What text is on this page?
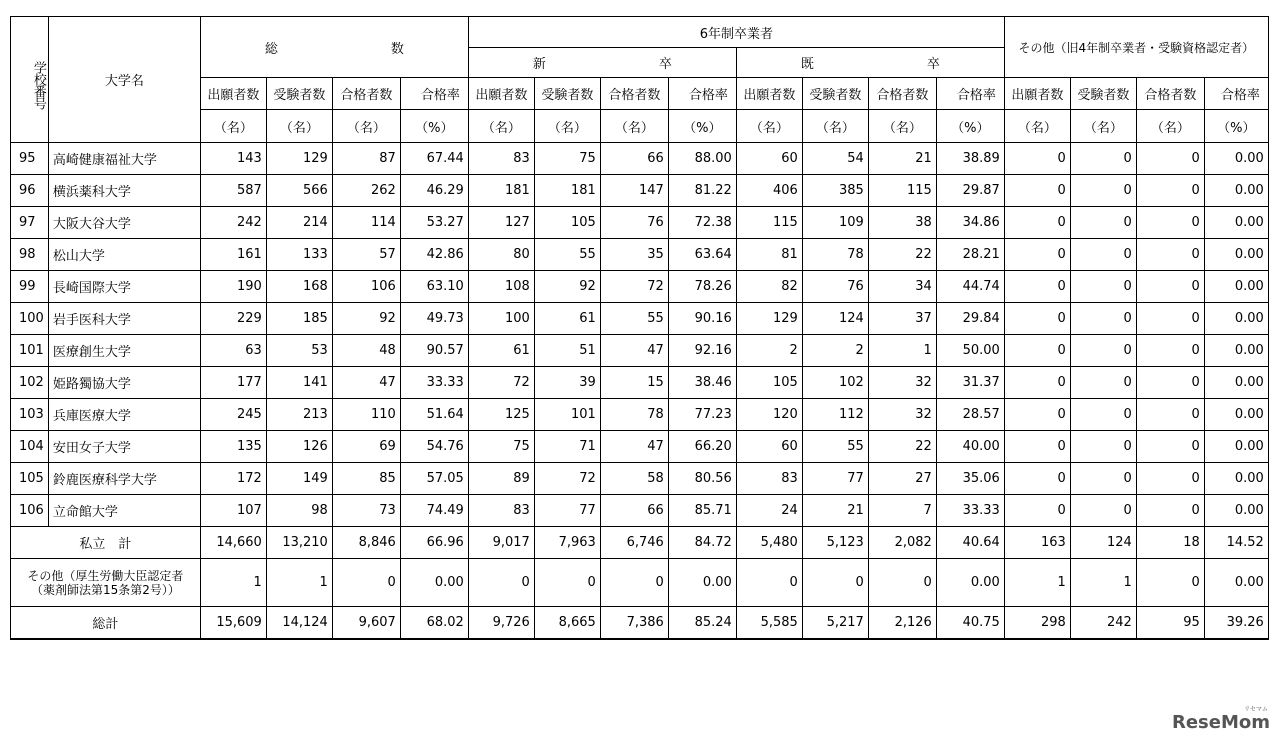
学校番号	大学名	総 数				6年制卒業者								その他（旧4年制卒業者・受験資格認定者）			

						新 卒				既 卒							

		出願者数	受験者数	合格者数	合格率	出願者数	受験者数	合格者数	合格率	出願者数	受験者数	合格者数	合格率	出願者数	受験者数	合格者数	合格率
		（名）	（名）	（名）	（%）	（名）	（名）	（名）	（%）	（名）	（名）	（名）	（%）	（名）	（名）	（名）	（%）
95	高崎健康福祉大学	143	129	87	67.44	83	75	66	88.00	60	54	21	38.89	0	0	0	0.00
96	横浜薬科大学	587	566	262	46.29	181	181	147	81.22	406	385	115	29.87	0	0	0	0.00
97	大阪大谷大学	242	214	114	53.27	127	105	76	72.38	115	109	38	34.86	0	0	0	0.00
98	松山大学	161	133	57	42.86	80	55	35	63.64	81	78	22	28.21	0	0	0	0.00
99	長崎国際大学	190	168	106	63.10	108	92	72	78.26	82	76	34	44.74	0	0	0	0.00
100	岩手医科大学	229	185	92	49.73	100	61	55	90.16	129	124	37	29.84	0	0	0	0.00
101	医療創生大学	63	53	48	90.57	61	51	47	92.16	2	2	1	50.00	0	0	0	0.00
102	姫路獨協大学	177	141	47	33.33	72	39	15	38.46	105	102	32	31.37	0	0	0	0.00
103	兵庫医療大学	245	213	110	51.64	125	101	78	77.23	120	112	32	28.57	0	0	0	0.00
104	安田女子大学	135	126	69	54.76	75	71	47	66.20	60	55	22	40.00	0	0	0	0.00
105	鈴鹿医療科学大学	172	149	85	57.05	89	72	58	80.56	83	77	27	35.06	0	0	0	0.00
106	立命館大学	107	98	73	74.49	83	77	66	85.71	24	21	7	33.33	0	0	0	0.00
私立　計		14,660	13,210	8,846	66.96	9,017	7,963	6,746	84.72	5,480	5,123	2,082	40.64	163	124	18	14.52

その他（厚生労働大臣認定者
（薬剤師法第15条第2号））		1	1	0	0.00	0	0	0	0.00	0	0	0	0.00	1	1	0	0.00
総計		15,609	14,124	9,607	68.02	9,726	8,665	7,386	85.24	5,585	5,217	2,126	40.75	298	242	95	39.26
ReseMom
リセマム
